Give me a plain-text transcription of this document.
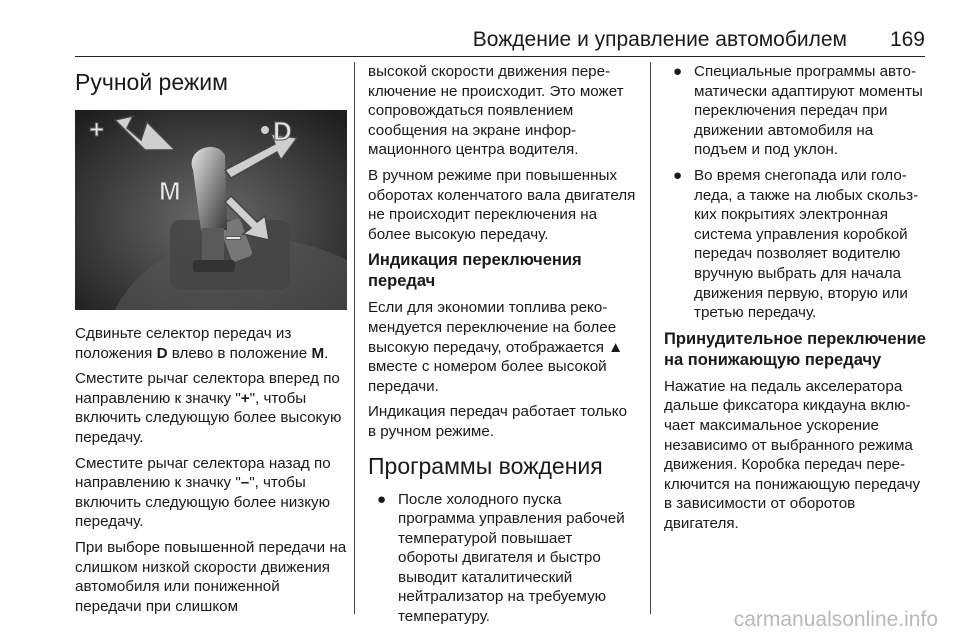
Вождение и управление автомобилем 169
Ручной режим
+
–
M
D

Сдвиньте селектор передач из положения D влево в положение M.

Сместите рычаг селектора вперед по направлению к значку "+", чтобы включить следующую более высокую передачу.

Сместите рычаг селектора назад по направлению к значку "–", чтобы включить следующую более низкую передачу.

При выборе повышенной передачи на слишком низкой скорости движения автомобиля или пониженной передачи при слишком

высокой скорости движения переключение не происходит. Это может сопровождаться появлением сообщения на экране информационного центра водителя.

В ручном режиме при повышенных оборотах коленчатого вала двигателя не происходит переключения на более высокую передачу.

Индикация переключения передач

Если для экономии топлива рекомендуется переключение на более высокую передачу, отображается ▲ вместе с номером более высокой передачи.

Индикация передач работает только в ручном режиме.

Программы вождения
● После холодного пуска программа управления рабочей температурой повышает обороты двигателя и быстро выводит каталитический нейтрализатор на требуемую температуру.
● Специальные программы автоматически адаптируют моменты переключения передач при движении автомобиля на подъем и под уклон.
● Во время снегопада или гололеда, а также на любых скользких покрытиях электронная система управления коробкой передач позволяет водителю вручную выбрать для начала движения первую, вторую или третью передачу.
Принудительное переключение на понижающую передачу

Нажатие на педаль акселератора дальше фиксатора кикдауна включает максимальное ускорение независимо от выбранного режима движения. Коробка передач переключится на понижающую передачу в зависимости от оборотов двигателя.

carmanualsonline.info
